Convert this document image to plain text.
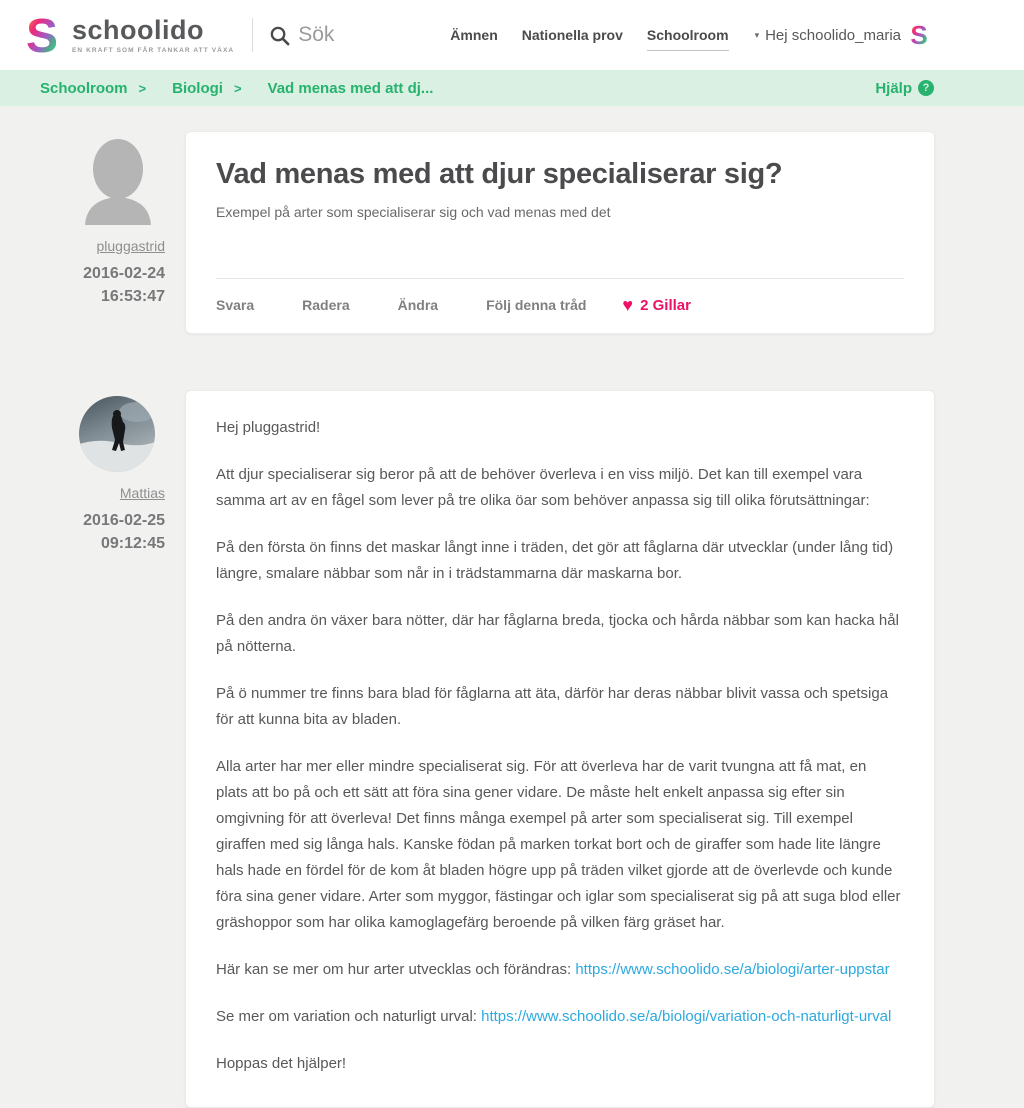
S schoolido
EN KRAFT SOM FÅR TANKAR ATT VÄXA
Sök	Ämnen Nationella prov Schoolroom	▾ Hej schoolido_maria S
Schoolroom > Biologi > Vad menas med att dj...	Hjälp ?
pluggastrid
2016-02-24
16:53:47
Vad menas med att djur specialiserar sig?

Exempel på arter som specialiserar sig och vad menas med det

Svara	Radera	Ändra	Följ denna tråd ♥ 2 Gillar
Mattias
2016-02-25
09:12:45

Hej pluggastrid!

Att djur specialiserar sig beror på att de behöver överleva i en viss miljö. Det kan till exempel vara samma art av en fågel som lever på tre olika öar som behöver anpassa sig till olika förutsättningar:

På den första ön finns det maskar långt inne i träden, det gör att fåglarna där utvecklar (under lång tid) längre, smalare näbbar som når in i trädstammarna där maskarna bor.

På den andra ön växer bara nötter, där har fåglarna breda, tjocka och hårda näbbar som kan hacka hål på nötterna.

På ö nummer tre finns bara blad för fåglarna att äta, därför har deras näbbar blivit vassa och spetsiga för att kunna bita av bladen.

Alla arter har mer eller mindre specialiserat sig. För att överleva har de varit tvungna att få mat, en plats att bo på och ett sätt att föra sina gener vidare. De måste helt enkelt anpassa sig efter sin omgivning för att överleva! Det finns många exempel på arter som specialiserat sig. Till exempel giraffen med sig långa hals. Kanske födan på marken torkat bort och de giraffer som hade lite längre hals hade en fördel för de kom åt bladen högre upp på träden vilket gjorde att de överlevde och kunde föra sina gener vidare. Arter som myggor, fästingar och iglar som specialiserat sig på att suga blod eller gräshoppor som har olika kamoglagefärg beroende på vilken färg gräset har.

Här kan se mer om hur arter utvecklas och förändras: https://www.schoolido.se/a/biologi/arter-uppstar

Se mer om variation och naturligt urval: https://www.schoolido.se/a/biologi/variation-och-naturligt-urval

Hoppas det hjälper!
